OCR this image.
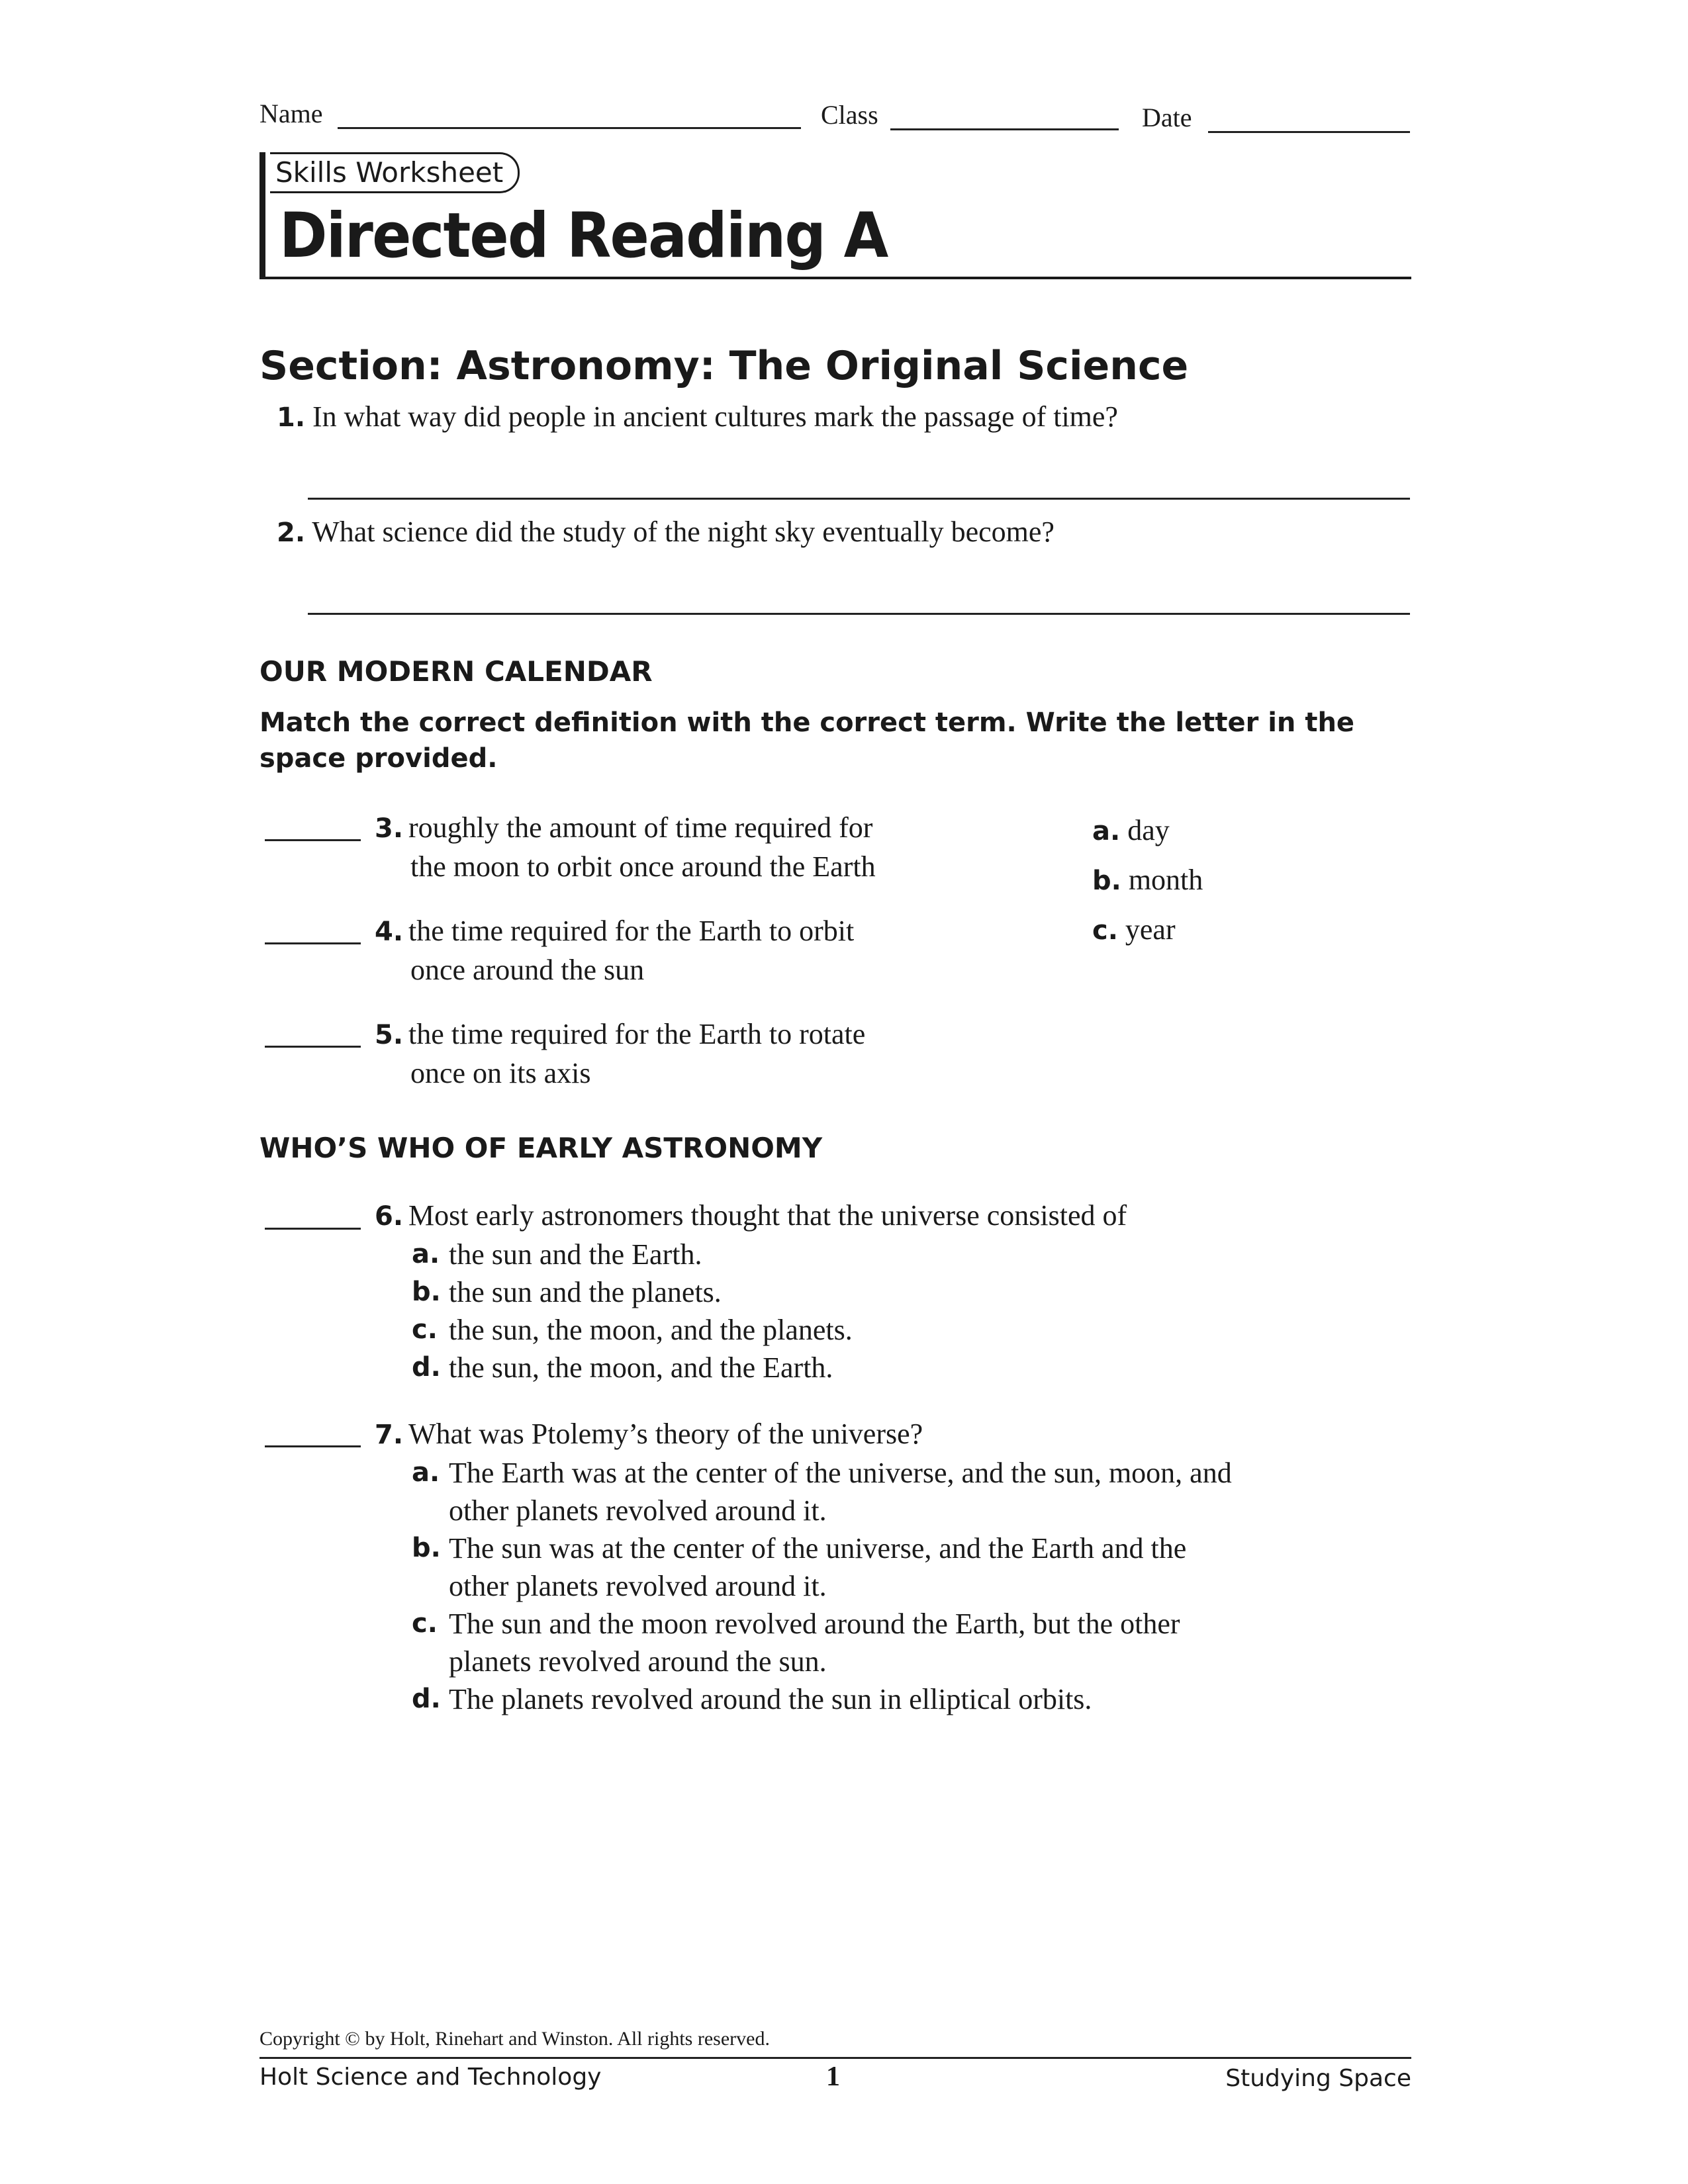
Name	Class	Date
Skills Worksheet
Directed Reading A
Section: Astronomy: The Original Science
1. In what way did people in ancient cultures mark the passage of time?
2. What science did the study of the night sky eventually become?
OUR MODERN CALENDAR
Match the correct definition with the correct term. Write the letter in the space provided.
3. roughly the amount of time required for
the moon to orbit once around the Earth
4. the time required for the Earth to orbit
once around the sun
5. the time required for the Earth to rotate
once on its axis
a. day
b. month
c. year
WHO’S WHO OF EARLY ASTRONOMY
6. Most early astronomers thought that the universe consisted of
a. the sun and the Earth.
b. the sun and the planets.
c. the sun, the moon, and the planets.
d. the sun, the moon, and the Earth.
7. What was Ptolemy’s theory of the universe?
a. The Earth was at the center of the universe, and the sun, moon, and
other planets revolved around it.
b. The sun was at the center of the universe, and the Earth and the
other planets revolved around it.
c. The sun and the moon revolved around the Earth, but the other
planets revolved around the sun.
d. The planets revolved around the sun in elliptical orbits.
Copyright © by Holt, Rinehart and Winston. All rights reserved.
Holt Science and Technology	1	Studying Space
